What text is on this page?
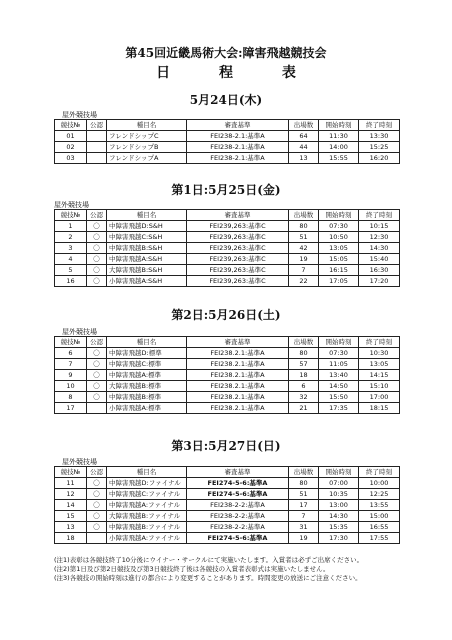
第45回近畿馬術大会:障害飛越競技会
日 程 表
5月24日(木)
屋外競技場
競技№	公認	種目名	審査基準	出場数	開始時刻	終了時刻
01		フレンドシップC	FEI238-2.1:基準A	64	11:30	13:30
02		フレンドシップB	FEI238-2.1:基準A	44	14:00	15:25
03		フレンドシップA	FEI238-2.1:基準A	13	15:55	16:20
第1日:5月25日(金)
屋外競技場
競技№	公認	種目名	審査基準	出場数	開始時刻	終了時刻
1	〇	中障害飛越D:S&H	FEI239,263:基準C	80	07:30	10:15
2	〇	中障害飛越C:S&H	FEI239,263:基準C	51	10:50	12:30
3	〇	中障害飛越B:S&H	FEI239,263:基準C	42	13:05	14:30
4	〇	中障害飛越A:S&H	FEI239,263:基準C	19	15:05	15:40
5	〇	大障害飛越B:S&H	FEI239,263:基準C	7	16:15	16:30
16	〇	小障害飛越A:S&H	FEI239,263:基準C	22	17:05	17:20
第2日:5月26日(土)
屋外競技場
競技№	公認	種目名	審査基準	出場数	開始時刻	終了時刻
6	〇	中障害飛越D:標準	FEI238.2.1:基準A	80	07:30	10:30
7	〇	中障害飛越C:標準	FEI238.2.1:基準A	57	11:05	13:05
9	〇	中障害飛越A:標準	FEI238.2.1:基準A	18	13:40	14:15
10	〇	大障害飛越B:標準	FEI238.2.1:基準A	6	14:50	15:10
8	〇	中障害飛越B:標準	FEI238.2.1:基準A	32	15:50	17:00
17		小障害飛越A:標準	FEI238.2.1:基準A	21	17:35	18:15
第3日:5月27日(日)
屋外競技場
競技№	公認	種目名	審査基準	出場数	開始時刻	終了時刻
11	〇	中障害飛越D:ファイナル	FEI274-5-6:基準A	80	07:00	10:00
12	〇	中障害飛越C:ファイナル	FEI274-5-6:基準A	51	10:35	12:25
14	〇	中障害飛越A:ファイナル	FEI238-2-2:基準A	17	13:00	13:55
15	〇	大障害飛越B:ファイナル	FEI238-2-2:基準A	7	14:30	15:00
13	〇	中障害飛越B:ファイナル	FEI238-2-2:基準A	31	15:35	16:55
18		小障害飛越A:ファイナル	FEI274-5-6:基準A	19	17:30	17:55
(注1)表彰は各競技終了10分後にウイナー・サークルにて実施いたします。入賞者は必ずご出席ください。
(注2)第1日及び第2日競技及び第3日競技終了後は各競技の入賞者表彰式は実施いたしません。
(注3)各競技の開始時刻は進行の都合により変更することがあります。時間変更の放送にご注意ください。
